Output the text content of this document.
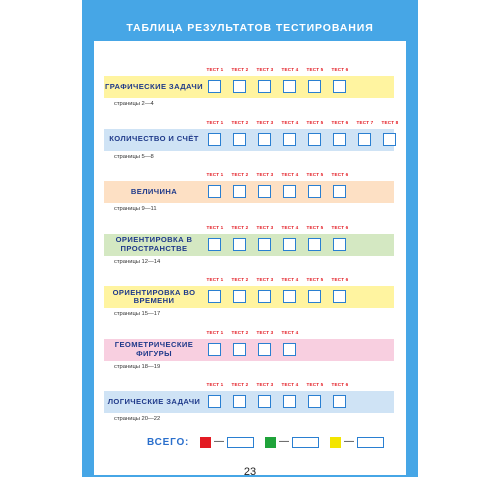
ТАБЛИЦА РЕЗУЛЬТАТОВ ТЕСТИРОВАНИЯ
ГРАФИЧЕСКИЕ ЗАДАЧИ
страницы 2—4
ТЕСТ 1	ТЕСТ 2	ТЕСТ 3	ТЕСТ 4	ТЕСТ 5	ТЕСТ 6
КОЛИЧЕСТВО И СЧЁТ
страницы 5—8
ТЕСТ 1	ТЕСТ 2	ТЕСТ 3	ТЕСТ 4	ТЕСТ 5	ТЕСТ 6	ТЕСТ 7	ТЕСТ 8
ВЕЛИЧИНА
страницы 9—11
ТЕСТ 1	ТЕСТ 2	ТЕСТ 3	ТЕСТ 4	ТЕСТ 5	ТЕСТ 6
ОРИЕНТИРОВКА В ПРОСТРАНСТВЕ
страницы 12—14
ТЕСТ 1	ТЕСТ 2	ТЕСТ 3	ТЕСТ 4	ТЕСТ 5	ТЕСТ 6
ОРИЕНТИРОВКА ВО ВРЕМЕНИ
страницы 15—17
ТЕСТ 1	ТЕСТ 2	ТЕСТ 3	ТЕСТ 4	ТЕСТ 5	ТЕСТ 6
ГЕОМЕТРИЧЕСКИЕ ФИГУРЫ
страницы 18—19
ТЕСТ 1	ТЕСТ 2	ТЕСТ 3	ТЕСТ 4
ЛОГИЧЕСКИЕ ЗАДАЧИ
страницы 20—22
ТЕСТ 1	ТЕСТ 2	ТЕСТ 3	ТЕСТ 4	ТЕСТ 5	ТЕСТ 6
ВСЕГО: —	—	—
23
